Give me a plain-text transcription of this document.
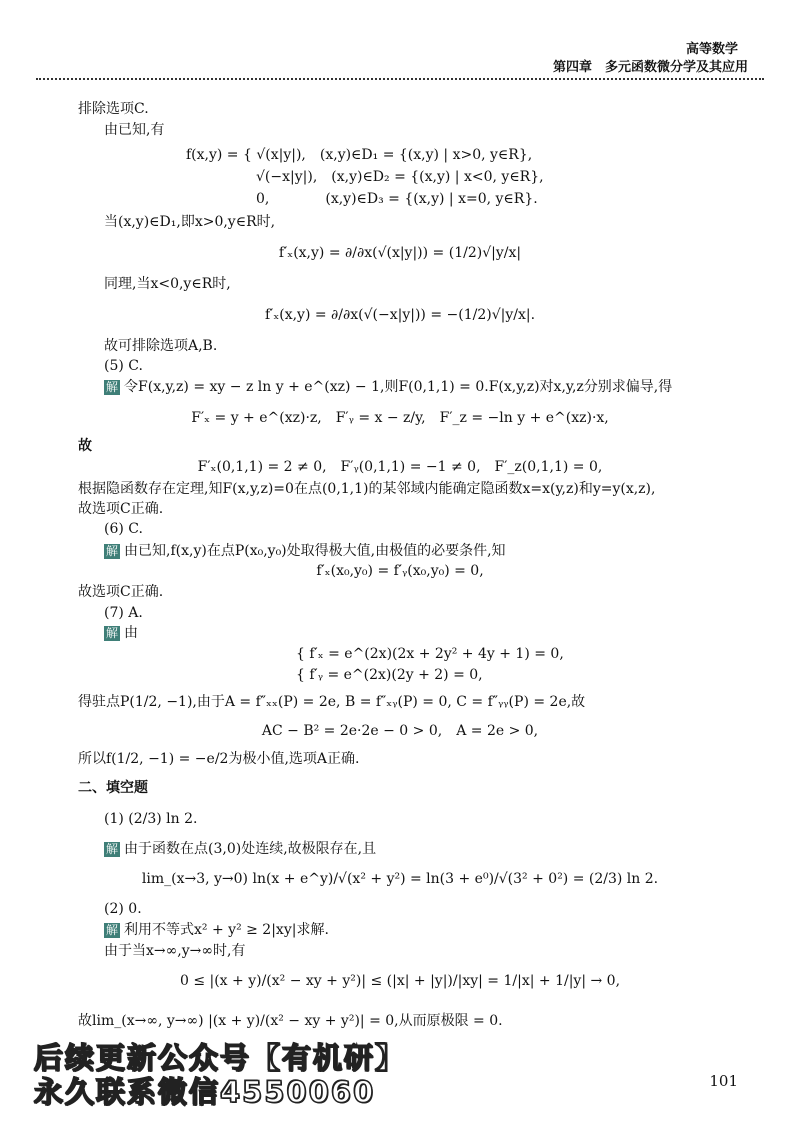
高等数学
第四章　多元函数微分学及其应用
排除选项C.
由已知,有
f(x,y) = { √(x|y|),　(x,y)∈D₁ = {(x,y) | x>0, y∈R},
　　　　　√(−x|y|),　(x,y)∈D₂ = {(x,y) | x<0, y∈R},
　　　　　0,　　　　(x,y)∈D₃ = {(x,y) | x=0, y∈R}.
当(x,y)∈D₁,即x>0,y∈R时,
f′ₓ(x,y) = ∂/∂x(√(x|y|)) = (1/2)√|y/x|
同理,当x<0,y∈R时,
f′ₓ(x,y) = ∂/∂x(√(−x|y|)) = −(1/2)√|y/x|.
故可排除选项A,B.
(5) C.
解 令F(x,y,z) = xy − z ln y + e^(xz) − 1,则F(0,1,1) = 0.F(x,y,z)对x,y,z分别求偏导,得
F′ₓ = y + e^(xz)·z,　F′ᵧ = x − z/y,　F′_z = −ln y + e^(xz)·x,
故
F′ₓ(0,1,1) = 2 ≠ 0,　F′ᵧ(0,1,1) = −1 ≠ 0,　F′_z(0,1,1) = 0,
根据隐函数存在定理,知F(x,y,z)=0在点(0,1,1)的某邻域内能确定隐函数x=x(y,z)和y=y(x,z),
故选项C正确.
(6) C.
解 由已知,f(x,y)在点P(x₀,y₀)处取得极大值,由极值的必要条件,知
f′ₓ(x₀,y₀) = f′ᵧ(x₀,y₀) = 0,
故选项C正确.
(7) A.
解 由
{ f′ₓ = e^(2x)(2x + 2y² + 4y + 1) = 0,
{ f′ᵧ = e^(2x)(2y + 2) = 0,
得驻点P(1/2, −1),由于A = f″ₓₓ(P) = 2e, B = f″ₓᵧ(P) = 0, C = f″ᵧᵧ(P) = 2e,故
AC − B² = 2e·2e − 0 > 0,　A = 2e > 0,
所以f(1/2, −1) = −e/2为极小值,选项A正确.
二、填空题
(1) (2/3) ln 2.
解 由于函数在点(3,0)处连续,故极限存在,且
lim_(x→3, y→0) ln(x + e^y)/√(x² + y²) = ln(3 + e⁰)/√(3² + 0²) = (2/3) ln 2.
(2) 0.
解 利用不等式x² + y² ≥ 2|xy|求解.
由于当x→∞,y→∞时,有
0 ≤ |(x + y)/(x² − xy + y²)| ≤ (|x| + |y|)/|xy| = 1/|x| + 1/|y| → 0,
故lim_(x→∞, y→∞) |(x + y)/(x² − xy + y²)| = 0,从而原极限 = 0.
后续更新公众号【有机研】
永久联系微信4550060	101
